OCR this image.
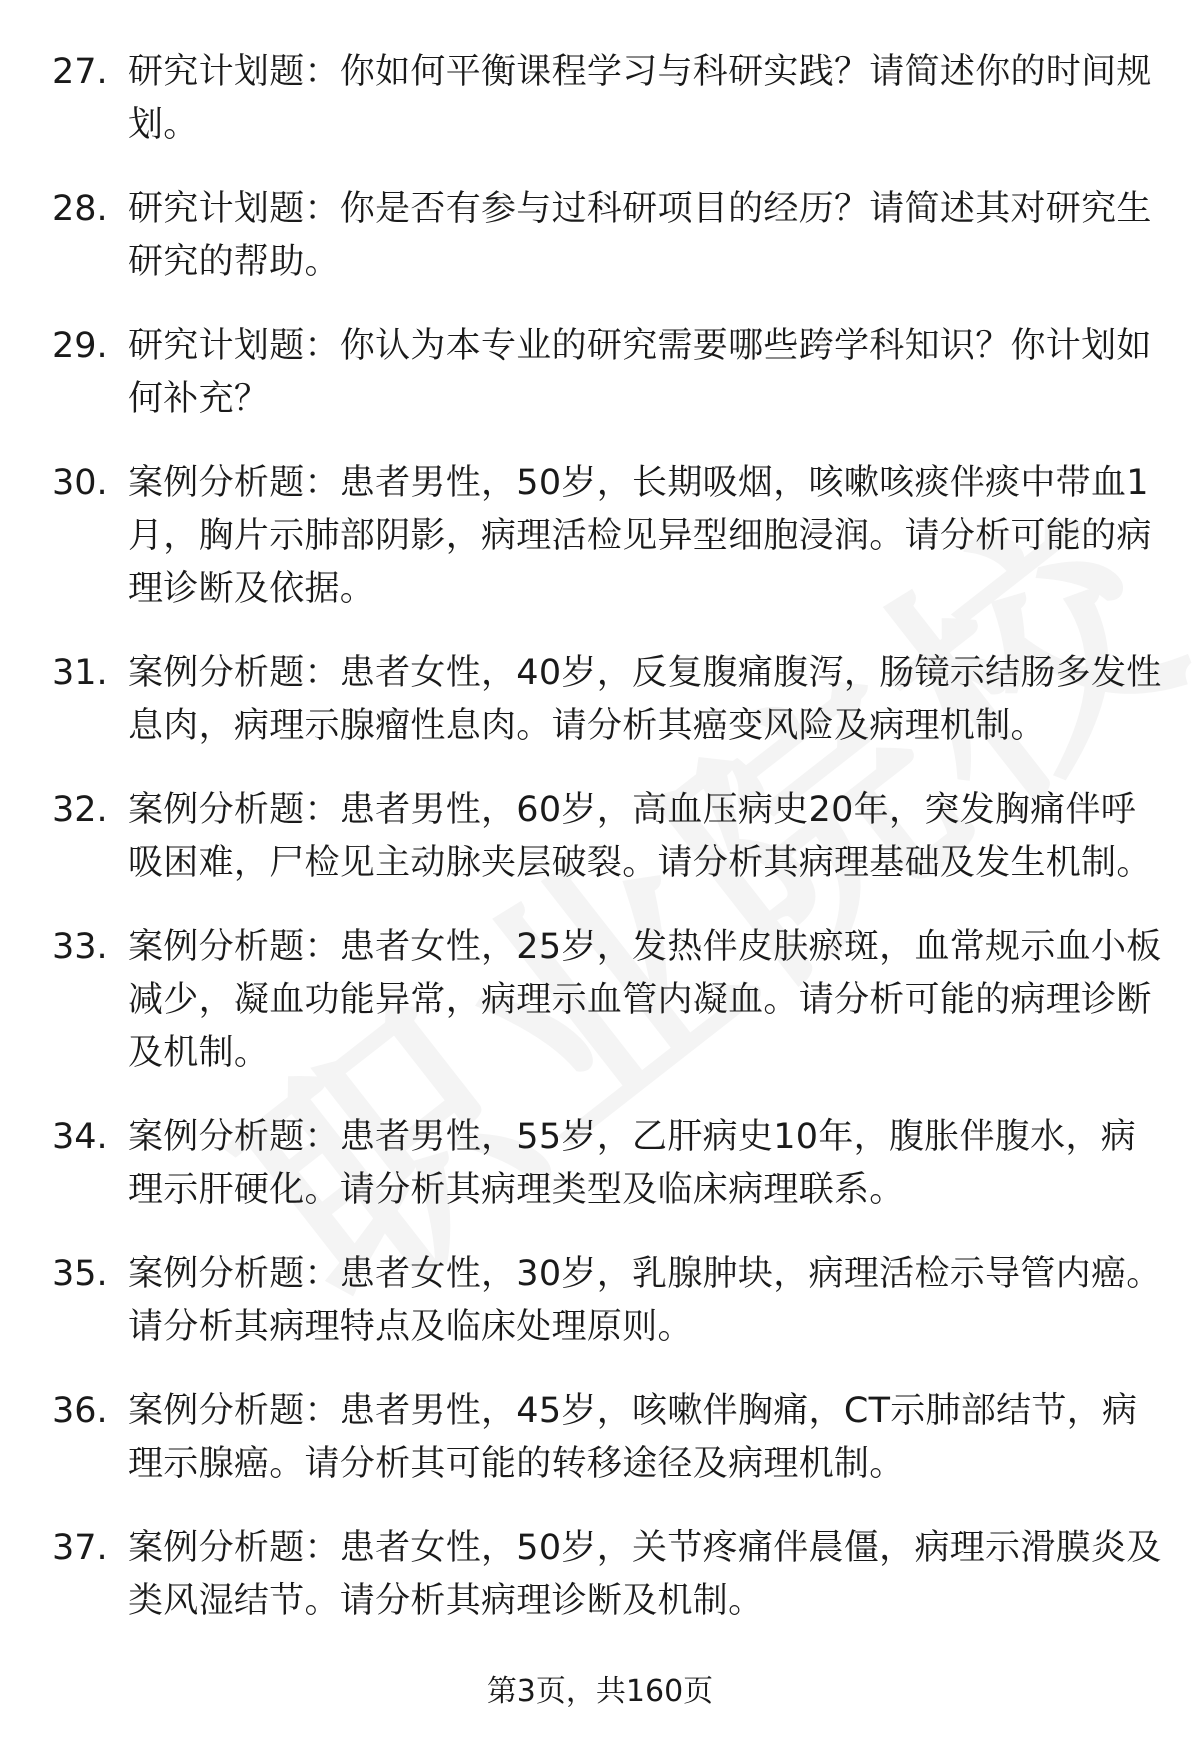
27. 研究计划题：你如何平衡课程学习与科研实践？请简述你的时间规划。
28. 研究计划题：你是否有参与过科研项目的经历？请简述其对研究生研究的帮助。
29. 研究计划题：你认为本专业的研究需要哪些跨学科知识？你计划如何补充？
30. 案例分析题：患者男性，50岁，长期吸烟，咳嗽咳痰伴痰中带血1月，胸片示肺部阴影，病理活检见异型细胞浸润。请分析可能的病理诊断及依据。
31. 案例分析题：患者女性，40岁，反复腹痛腹泻，肠镜示结肠多发性息肉，病理示腺瘤性息肉。请分析其癌变风险及病理机制。
32. 案例分析题：患者男性，60岁，高血压病史20年，突发胸痛伴呼吸困难，尸检见主动脉夹层破裂。请分析其病理基础及发生机制。
33. 案例分析题：患者女性，25岁，发热伴皮肤瘀斑，血常规示血小板减少，凝血功能异常，病理示血管内凝血。请分析可能的病理诊断及机制。
34. 案例分析题：患者男性，55岁，乙肝病史10年，腹胀伴腹水，病理示肝硬化。请分析其病理类型及临床病理联系。
35. 案例分析题：患者女性，30岁，乳腺肿块，病理活检示导管内癌。请分析其病理特点及临床处理原则。
36. 案例分析题：患者男性，45岁，咳嗽伴胸痛，CT示肺部结节，病理示腺癌。请分析其可能的转移途径及病理机制。
37. 案例分析题：患者女性，50岁，关节疼痛伴晨僵，病理示滑膜炎及类风湿结节。请分析其病理诊断及机制。
第3页，共160页
